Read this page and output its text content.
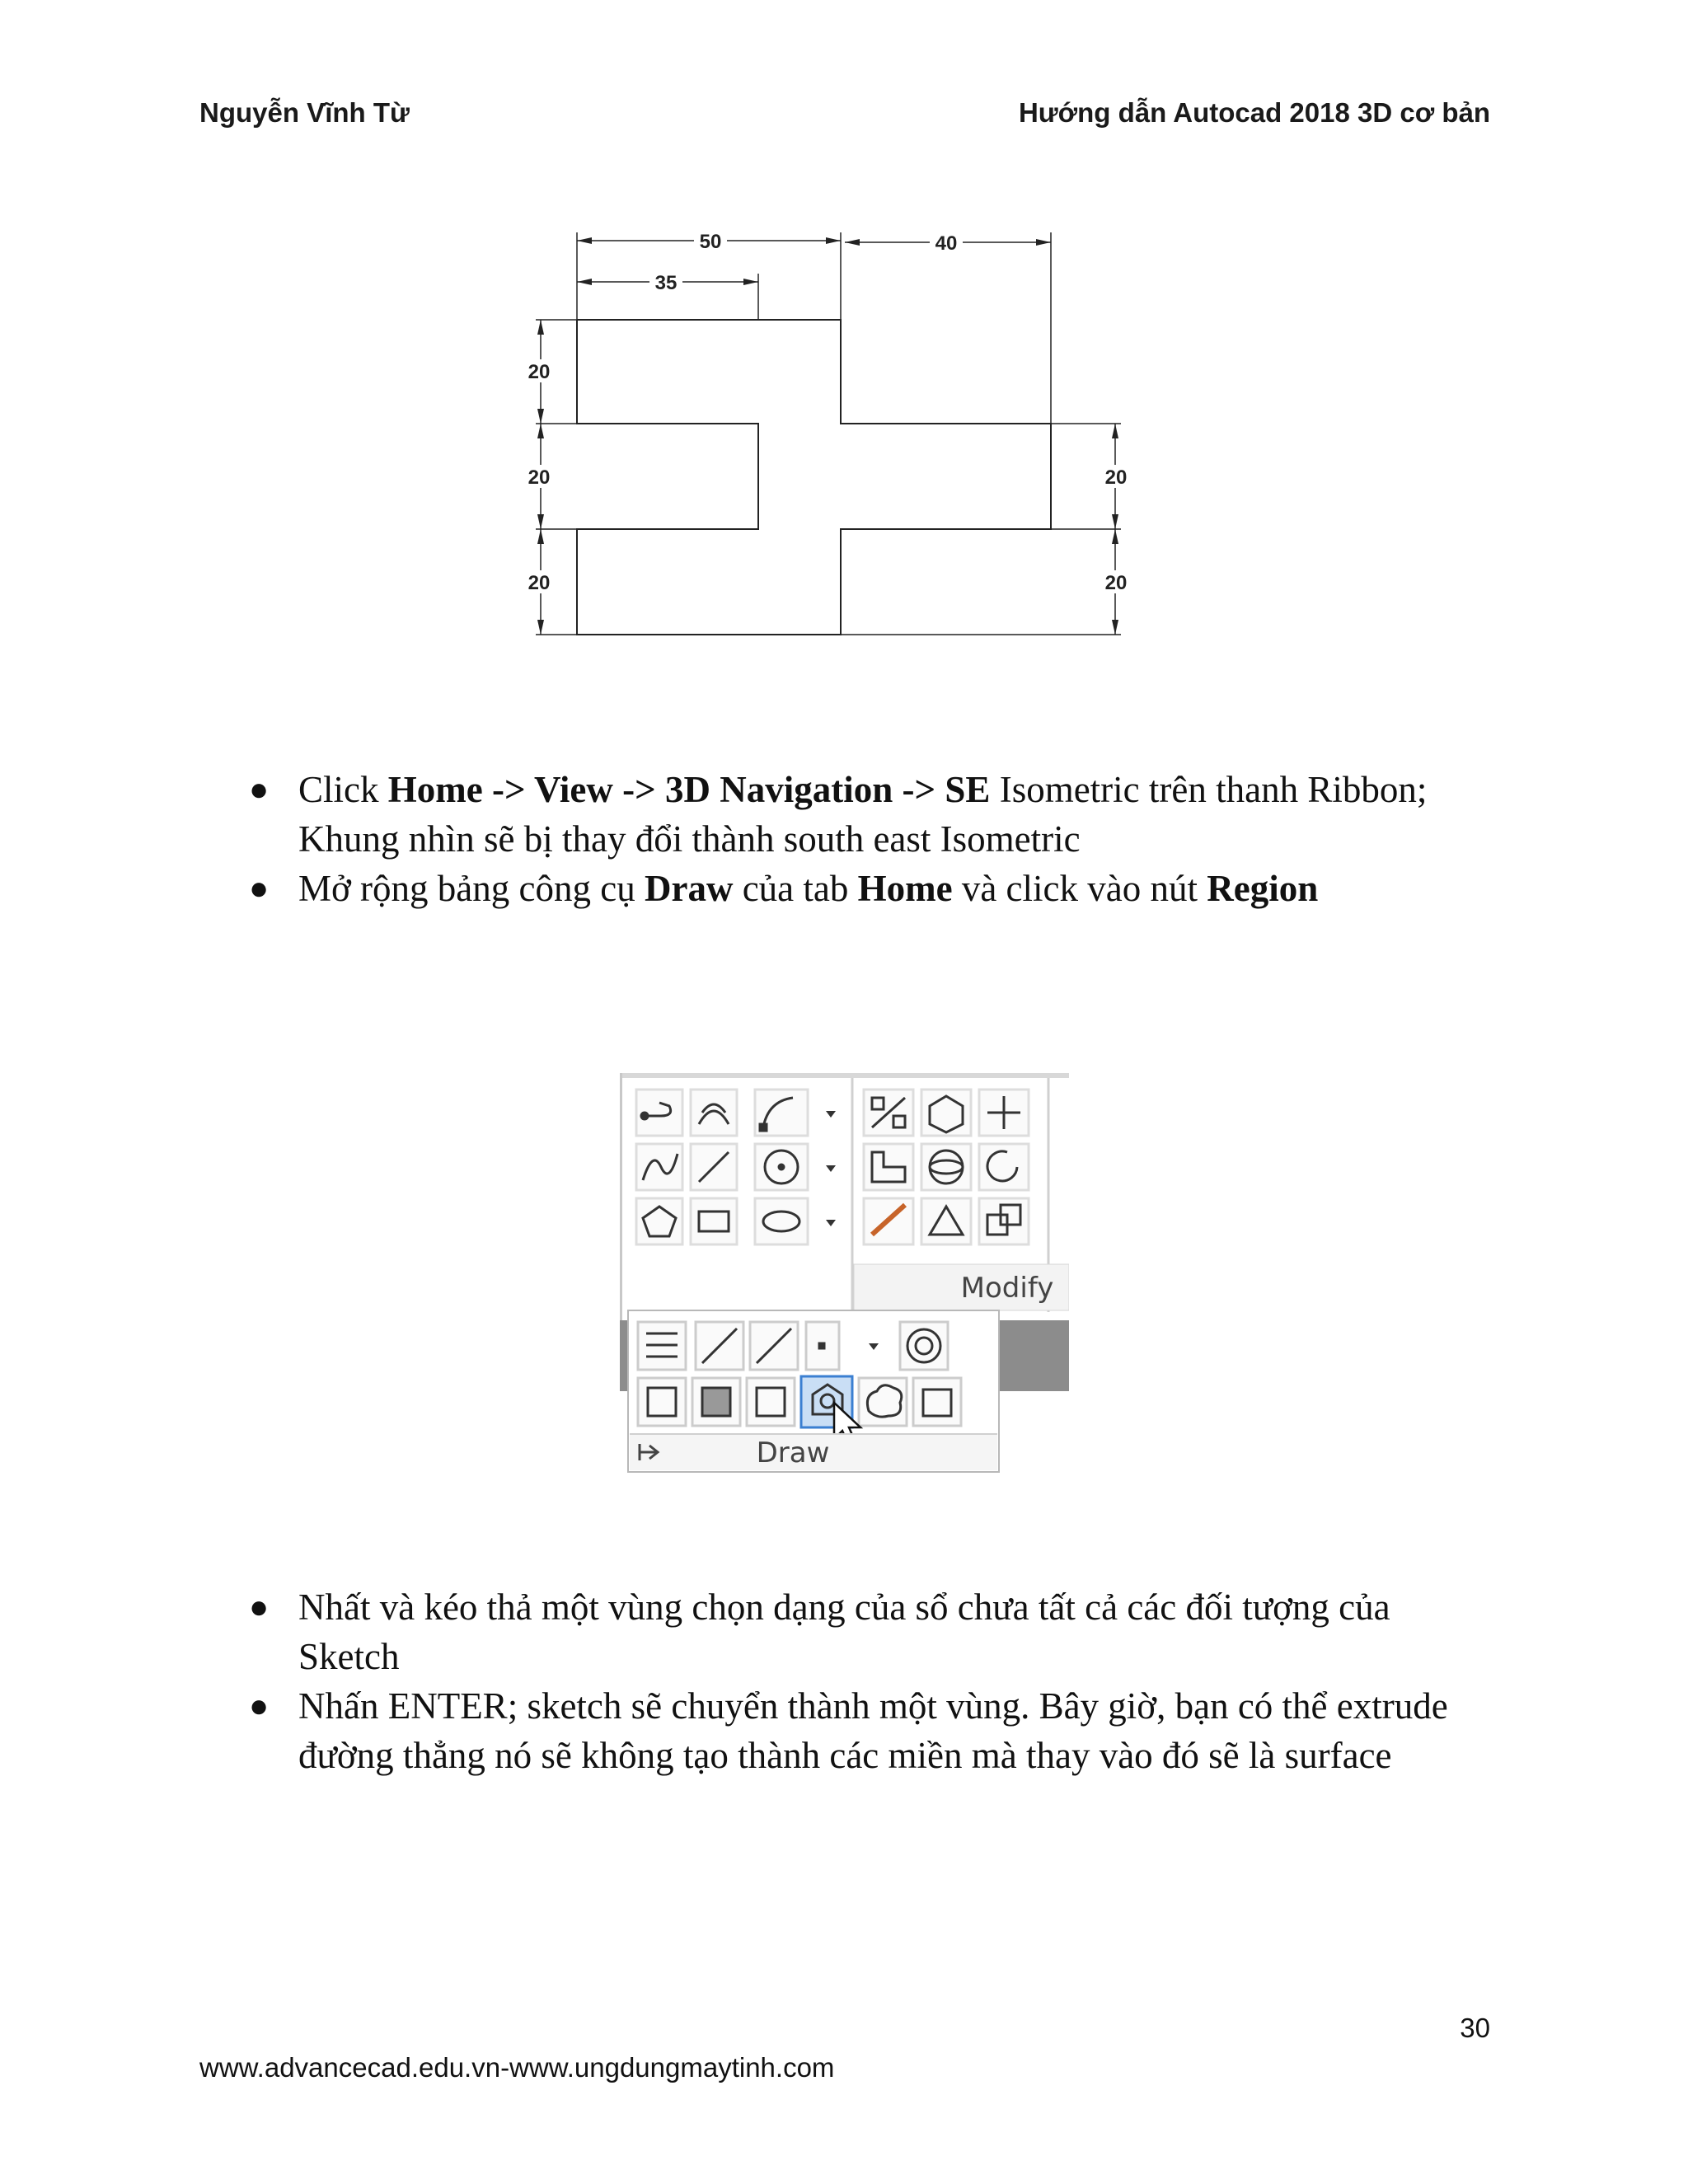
Nguyễn Vĩnh Từ	Hướng dẫn Autocad 2018 3D cơ bản
50	40
35
20
20
20
20
20
● Click Home -> View -> 3D Navigation -> SE Isometric trên thanh Ribbon; Khung nhìn sẽ bị thay đổi thành south east Isometric
● Mở rộng bảng công cụ Draw của tab Home và click vào nút Region
Modify
Draw
● Nhất và kéo thả một vùng chọn dạng của sổ chưa tất cả các đối tượng của Sketch
● Nhấn ENTER; sketch sẽ chuyển thành một vùng. Bây giờ, bạn có thể extrude đường thẳng nó sẽ không tạo thành các miền mà thay vào đó sẽ là surface
30
www.advancecad.edu.vn-www.ungdungmaytinh.com
